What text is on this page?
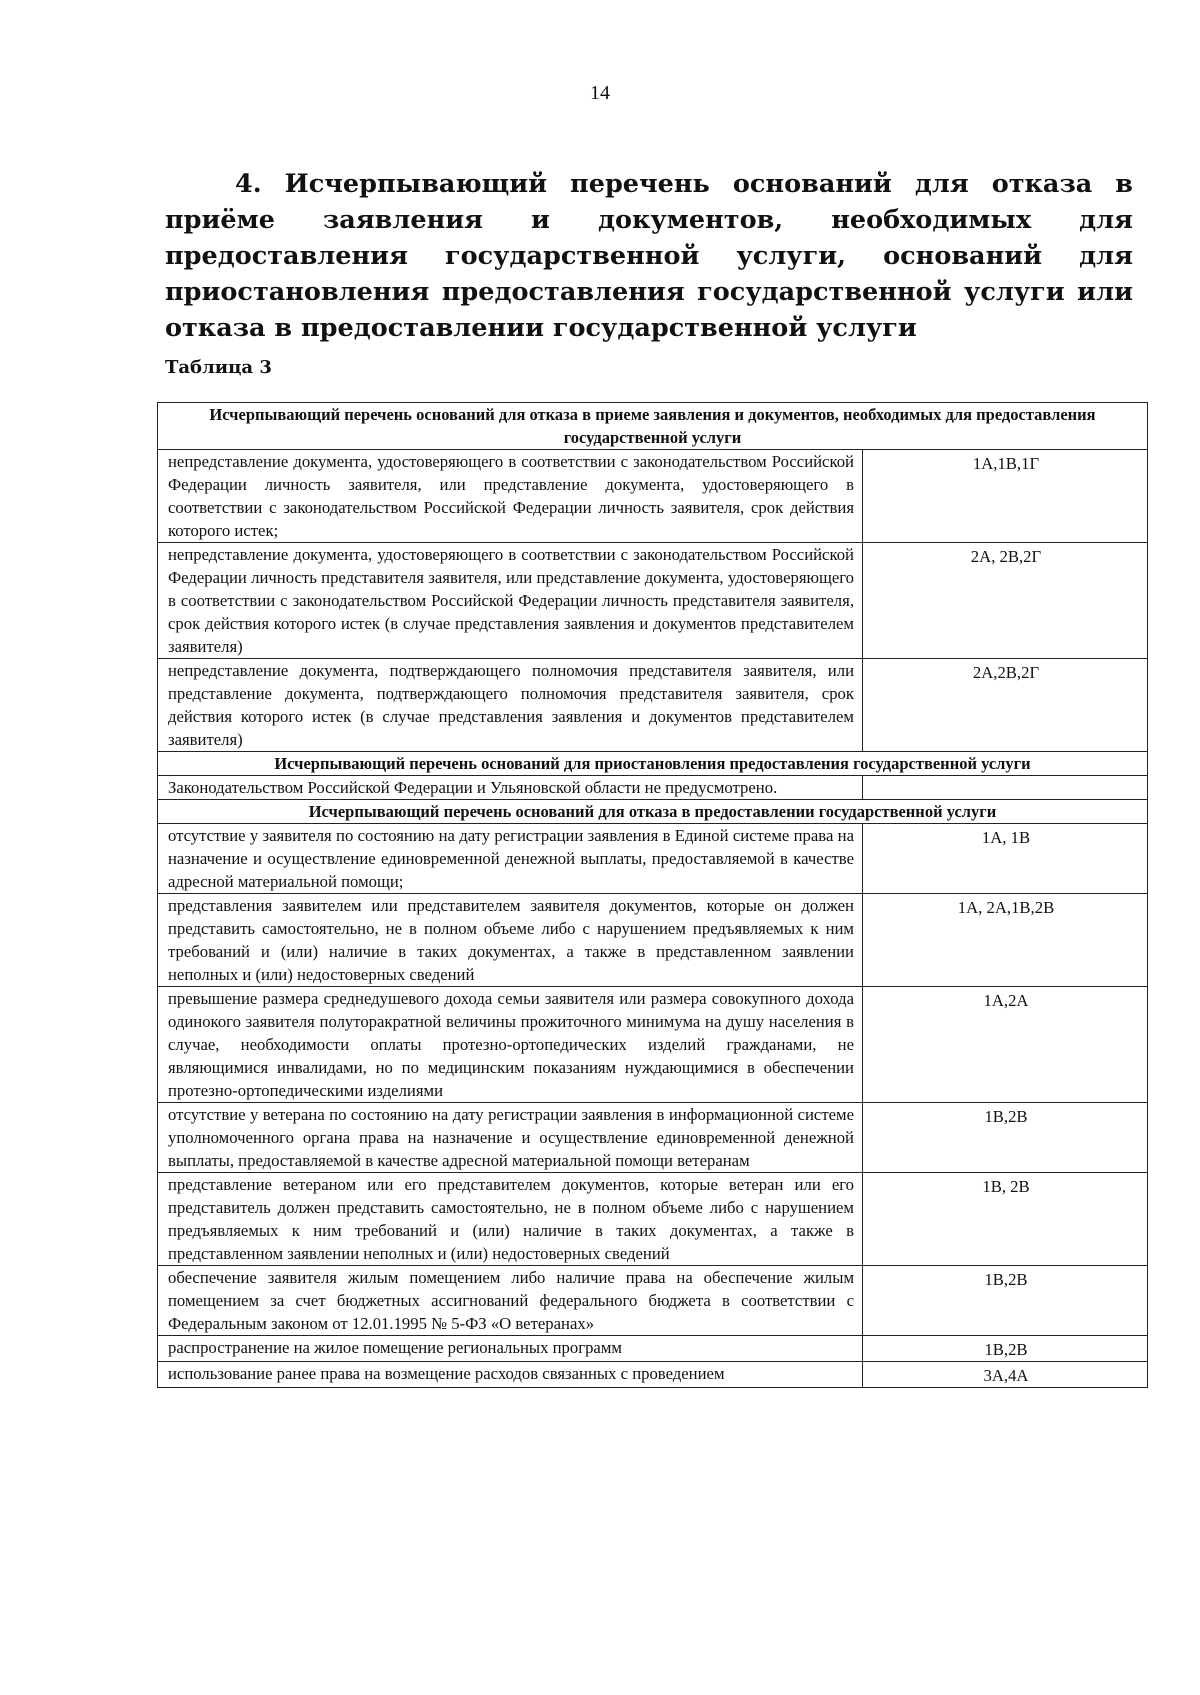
14
4. Исчерпывающий перечень оснований для отказа в приёме заявления и документов, необходимых для предоставления государственной услуги, оснований для приостановления предоставления государственной услуги или отказа в предоставлении государственной услуги
Таблица 3
Исчерпывающий перечень оснований для отказа в приеме заявления и документов, необходимых для предоставления государственной услуги	
непредставление документа, удостоверяющего в соответствии с законодательством Российской Федерации личность заявителя, или представление документа, удостоверяющего в соответствии с законодательством Российской Федерации личность заявителя, срок действия которого истек;	1А,1В,1Г
непредставление документа, удостоверяющего в соответствии с законодательством Российской Федерации личность представителя заявителя, или представление документа, удостоверяющего в соответствии с законодательством Российской Федерации личность представителя заявителя, срок действия которого истек (в случае представления заявления и документов представителем заявителя)	2А, 2В,2Г
непредставление документа, подтверждающего полномочия представителя заявителя, или представление документа, подтверждающего полномочия представителя заявителя, срок действия которого истек (в случае представления заявления и документов представителем заявителя)	2А,2В,2Г
Исчерпывающий перечень оснований для приостановления предоставления государственной услуги	
Законодательством Российской Федерации и Ульяновской области не предусмотрено.	
Исчерпывающий перечень оснований для отказа в предоставлении государственной услуги	
отсутствие у заявителя по состоянию на дату регистрации заявления в Единой системе права на назначение и осуществление единовременной денежной выплаты, предоставляемой в качестве адресной материальной помощи;	1А, 1В
представления заявителем или представителем заявителя документов, которые он должен представить самостоятельно, не в полном объеме либо с нарушением предъявляемых к ним требований и (или) наличие в таких документах, а также в представленном заявлении неполных и (или) недостоверных сведений	1А, 2А,1В,2В
превышение размера среднедушевого дохода семьи заявителя или размера совокупного дохода одинокого заявителя полуторакратной величины прожиточного минимума на душу населения в случае, необходимости оплаты протезно-ортопедических изделий гражданами, не являющимися инвалидами, но по медицинским показаниям нуждающимися в обеспечении протезно-ортопедическими изделиями	1А,2А
отсутствие у ветерана по состоянию на дату регистрации заявления в информационной системе уполномоченного органа права на назначение и осуществление единовременной денежной выплаты, предоставляемой в качестве адресной материальной помощи ветеранам	1В,2В
представление ветераном или его представителем документов, которые ветеран или его представитель должен представить самостоятельно, не в полном объеме либо с нарушением предъявляемых к ним требований и (или) наличие в таких документах, а также в представленном заявлении неполных и (или) недостоверных сведений	1В, 2В
обеспечение заявителя жилым помещением либо наличие права на обеспечение жилым помещением за счет бюджетных ассигнований федерального бюджета в соответствии с Федеральным законом от 12.01.1995 № 5-ФЗ «О ветеранах»	1В,2В
распространение на жилое помещение региональных программ	1В,2В
использование ранее права на возмещение расходов связанных с проведением	3А,4А
